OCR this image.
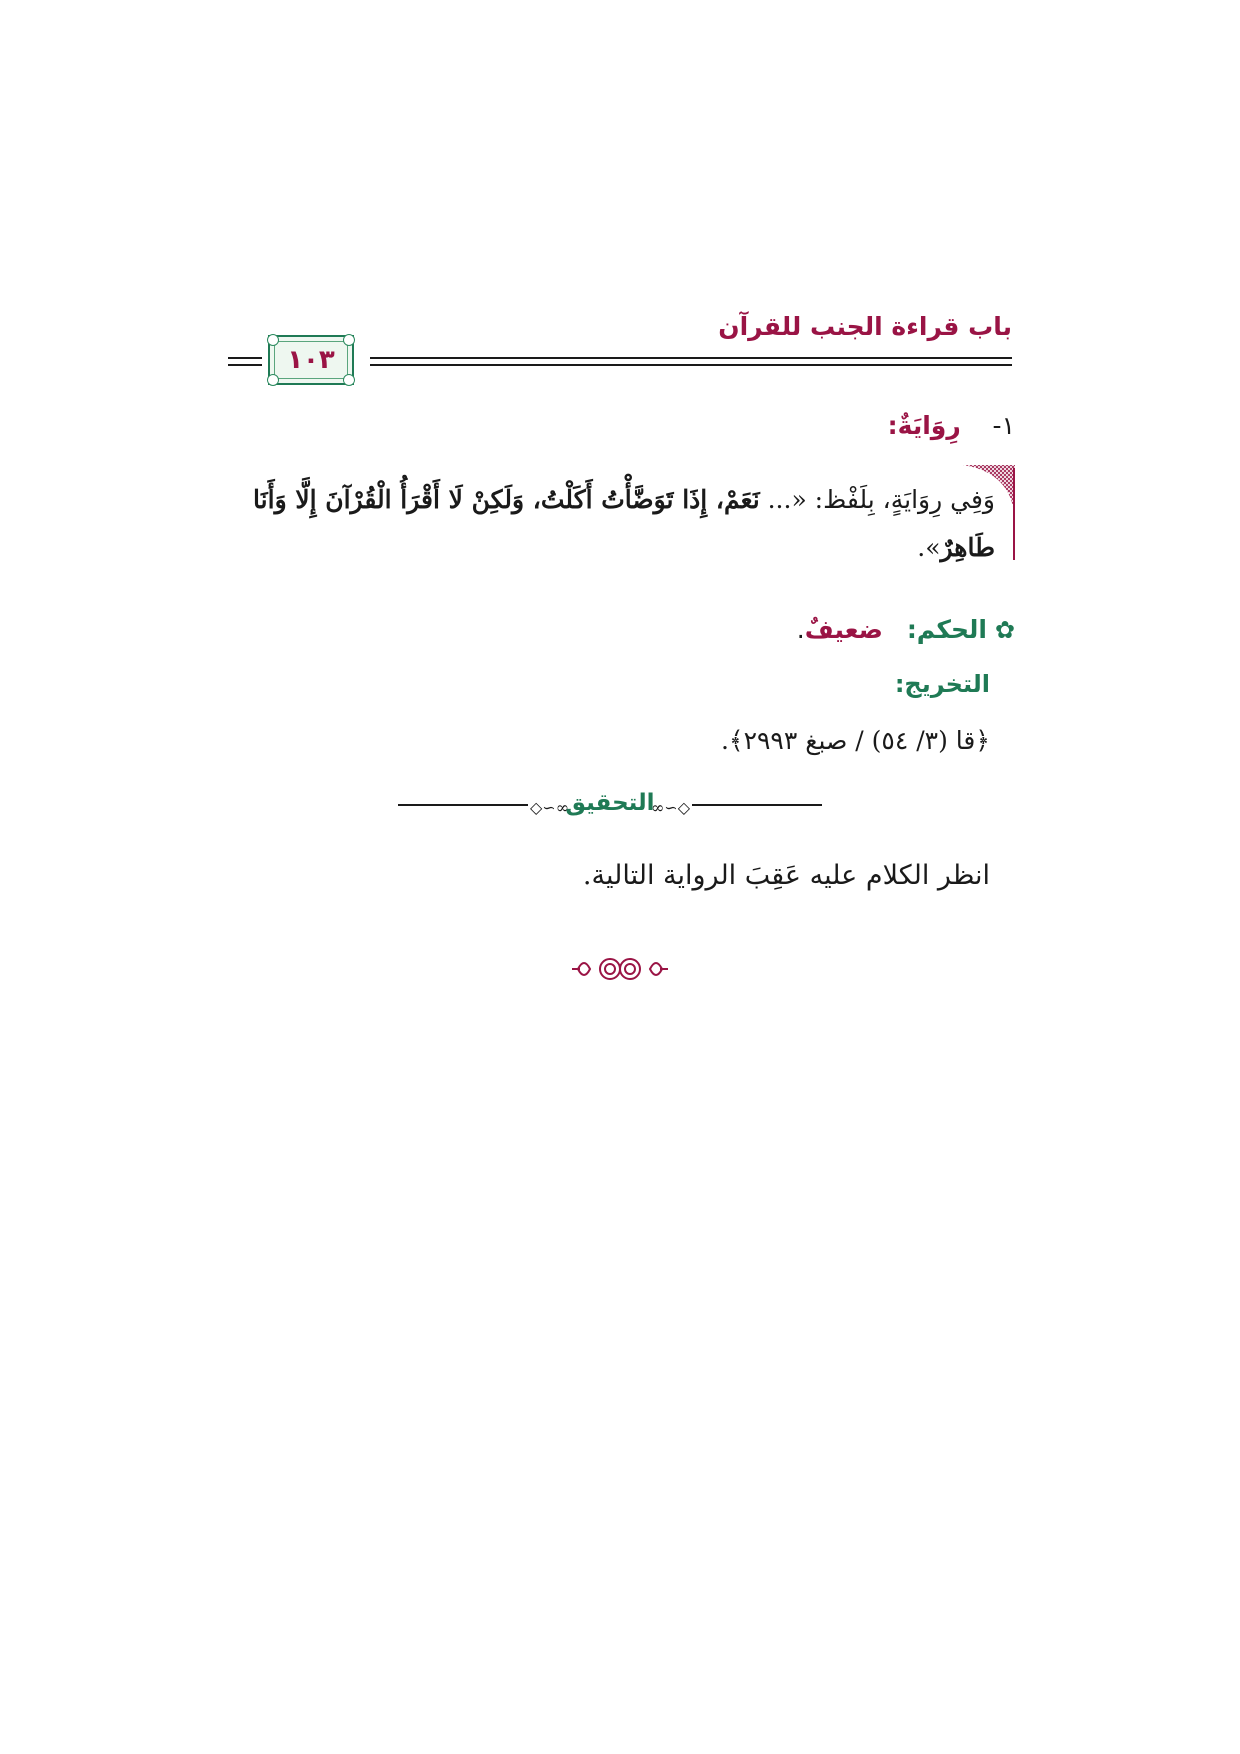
باب قراءة الجنب للقرآن
١٠٣
١-    رِوَايَةٌ:
وَفِي رِوَايَةٍ، بِلَفْظ: «... نَعَمْ، إِذَا تَوَضَّأْتُ أَكَلْتُ، وَلَكِنْ لَا أَقْرَأُ الْقُرْآنَ إِلَّا وَأَنَا طَاهِرٌ».
✿ الحكم:   ضعيفٌ.
التخريج:
﴿قا (٣/ ٥٤) / صبغ ٢٩٩٣﴾.
◇∽∞	∞∽◇
التحقيق
انظر الكلام عليه عَقِبَ الرواية التالية.
